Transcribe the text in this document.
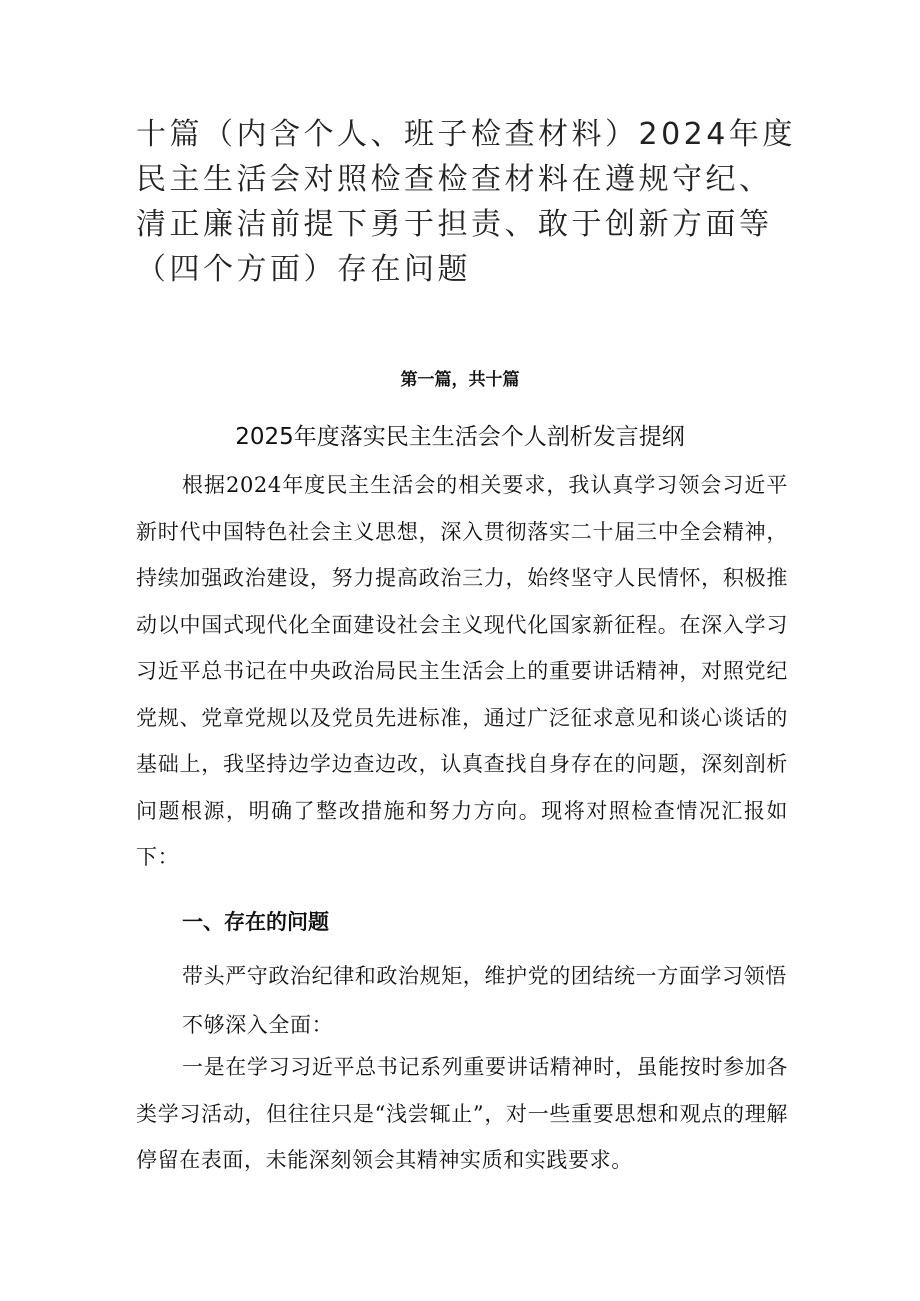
十篇（内含个人、班子检查材料）2024年度民主生活会对照检查检查材料在遵规守纪、清正廉洁前提下勇于担责、敢于创新方面等（四个方面）存在问题
第一篇，共十篇
2025年度落实民主生活会个人剖析发言提纲

根据2024年度民主生活会的相关要求，我认真学习领会习近平新时代中国特色社会主义思想，深入贯彻落实二十届三中全会精神，持续加强政治建设，努力提高政治三力，始终坚守人民情怀，积极推动以中国式现代化全面建设社会主义现代化国家新征程。在深入学习习近平总书记在中央政治局民主生活会上的重要讲话精神，对照党纪党规、党章党规以及党员先进标准，通过广泛征求意见和谈心谈话的基础上，我坚持边学边查边改，认真查找自身存在的问题，深刻剖析问题根源，明确了整改措施和努力方向。现将对照检查情况汇报如下：

一、存在的问题

带头严守政治纪律和政治规矩，维护党的团结统一方面学习领悟不够深入全面：

一是在学习习近平总书记系列重要讲话精神时，虽能按时参加各类学习活动，但往往只是“浅尝辄止”，对一些重要思想和观点的理解停留在表面，未能深刻领会其精神实质和实践要求。
